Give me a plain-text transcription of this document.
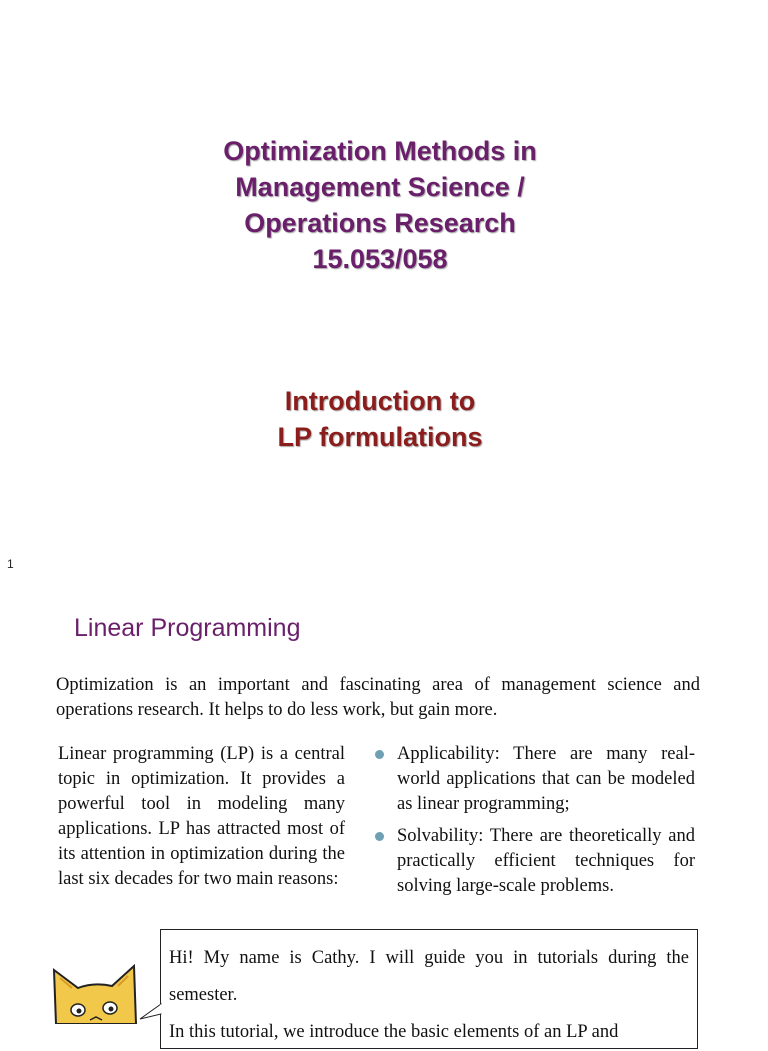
Optimization Methods in
Management Science /
Operations Research
15.053/058
Introduction to
LP formulations
1
Linear Programming
Optimization is an important and fascinating area of management science and operations research. It helps to do less work, but gain more.
Linear programming (LP) is a central topic in optimization. It provides a powerful tool in modeling many applications. LP has attracted most of its attention in optimization during the last six decades for two main reasons:
Applicability: There are many real-world applications that can be modeled as linear programming;
Solvability: There are theoretically and practically efficient techniques for solving large-scale problems.
Hi! My name is Cathy. I will guide you in tutorials during the semester.
In this tutorial, we introduce the basic elements of an LP and
